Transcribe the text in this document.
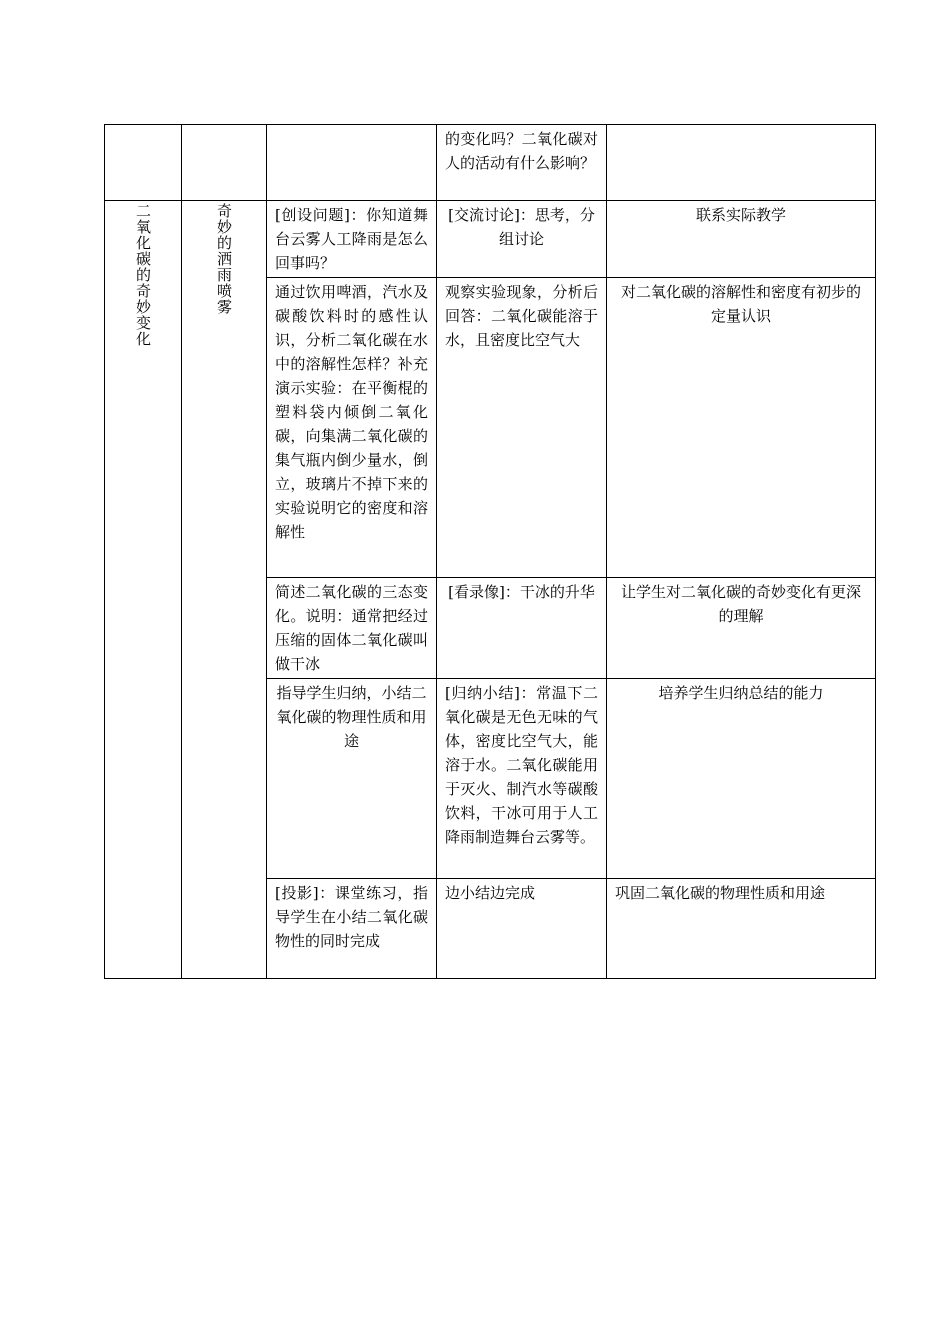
			的变化吗？二氧化碳对人的活动有什么影响？	

二氧化碳的奇妙变化	奇妙的洒雨喷雾	[创设问题]：你知道舞台云雾人工降雨是怎么回事吗？	[交流讨论]：思考，分组讨论	联系实际教学
		通过饮用啤酒，汽水及碳酸饮料时的感性认识，分析二氧化碳在水中的溶解性怎样？补充演示实验：在平衡棍的塑料袋内倾倒二氧化碳，向集满二氧化碳的集气瓶内倒少量水，倒立，玻璃片不掉下来的实验说明它的密度和溶解性	观察实验现象，分析后回答：二氧化碳能溶于水，且密度比空气大	对二氧化碳的溶解性和密度有初步的定量认识
		简述二氧化碳的三态变化。说明：通常把经过压缩的固体二氧化碳叫做干冰	[看录像]：干冰的升华	让学生对二氧化碳的奇妙变化有更深的理解
		指导学生归纳，小结二氧化碳的物理性质和用途	[归纳小结]：常温下二氧化碳是无色无味的气体，密度比空气大，能溶于水。二氧化碳能用于灭火、制汽水等碳酸饮料，干冰可用于人工降雨制造舞台云雾等。	培养学生归纳总结的能力
		[投影]：课堂练习，指导学生在小结二氧化碳物性的同时完成	边小结边完成	巩固二氧化碳的物理性质和用途
